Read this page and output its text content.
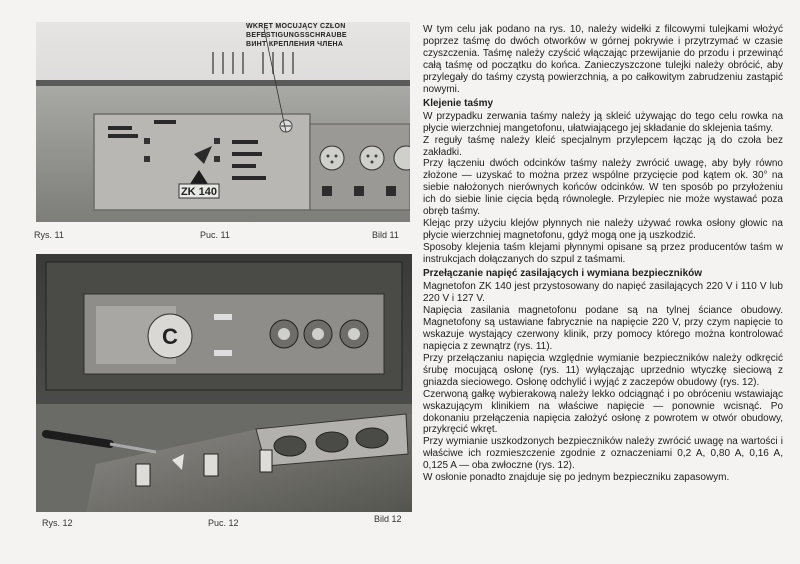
ZK 140
WKRĘT MOCUJĄCY CZŁON
BEFESTIGUNGSSCHRAUBE
ВИНТ КРЕПЛЕНИЯ ЧЛЕНА
Rys. 11	Puc. 11	Bild 11
C
Rys. 12	Puc. 12	Bild 12

W tym celu jak podano na rys. 10, należy widełki z filcowymi tulejkami włożyć poprzez taśmę do dwóch otworków w górnej pokrywie i przytrzymać w czasie czyszczenia. Taśmę należy czyścić włączając przewijanie do przodu i przewinąć całą taśmę od początku do końca. Zanieczyszczone tulejki należy obrócić, aby przylegały do taśmy czystą powierzchnią, a po całkowitym zabrudzeniu zastąpić nowymi.

Klejenie taśmy

W przypadku zerwania taśmy należy ją skleić używając do tego celu rowka na płycie wierzchniej mangetofonu, ułatwiającego jej składanie do sklejenia taśmy.

Z reguły taśmę należy kleić specjalnym przylepcem łącząc ją do czoła bez zakładki.

Przy łączeniu dwóch odcinków taśmy należy zwrócić uwagę, aby były równo złożone — uzyskać to można przez wspólne przycięcie pod kątem ok. 30° na siebie nałożonych nierównych końców odcinków. W ten sposób po przyłożeniu ich do siebie linie cięcia będą równoległe. Przylepiec nie może wystawać poza obręb taśmy.

Klejąc przy użyciu klejów płynnych nie należy używać rowka osłony głowic na płycie wierzchniej magnetofonu, gdyż mogą one ją uszkodzić.

Sposoby klejenia taśm klejami płynnymi opisane są przez producentów taśm w instrukcjach dołączanych do szpul z taśmami.

Przełączanie napięć zasilających i wymiana bezpieczników

Magnetofon ZK 140 jest przystosowany do napięć zasilających 220 V i 110 V lub 220 V i 127 V.

Napięcia zasilania magnetofonu podane są na tylnej ściance obudowy. Magnetofony są ustawiane fabrycznie na napięcie 220 V, przy czym napięcie to wskazuje wystający czerwony klinik, przy pomocy którego można kontrolować napięcia z zewnątrz (rys. 11).

Przy przełączaniu napięcia względnie wymianie bezpieczników należy odkręcić śrubę mocującą osłonę (rys. 11) wyłączając uprzednio wtyczkę sieciową z gniazda sieciowego. Osłonę odchylić i wyjąć z zaczepów obudowy (rys. 12).

Czerwoną gałkę wybierakową należy lekko odciągnąć i po obróceniu wstawiając wskazującym klinikiem na właściwe napięcie — ponownie wcisnąć. Po dokonaniu przełączenia napięcia założyć osłonę z powrotem w otwór obudowy, przykręcić wkręt.

Przy wymianie uszkodzonych bezpieczników należy zwrócić uwagę na wartości i właściwe ich rozmieszczenie zgodnie z oznaczeniami 0,2 A, 0,80 A, 0,16 A, 0,125 A — oba zwłoczne (rys. 12).

W osłonie ponadto znajduje się po jednym bezpieczniku zapasowym.
